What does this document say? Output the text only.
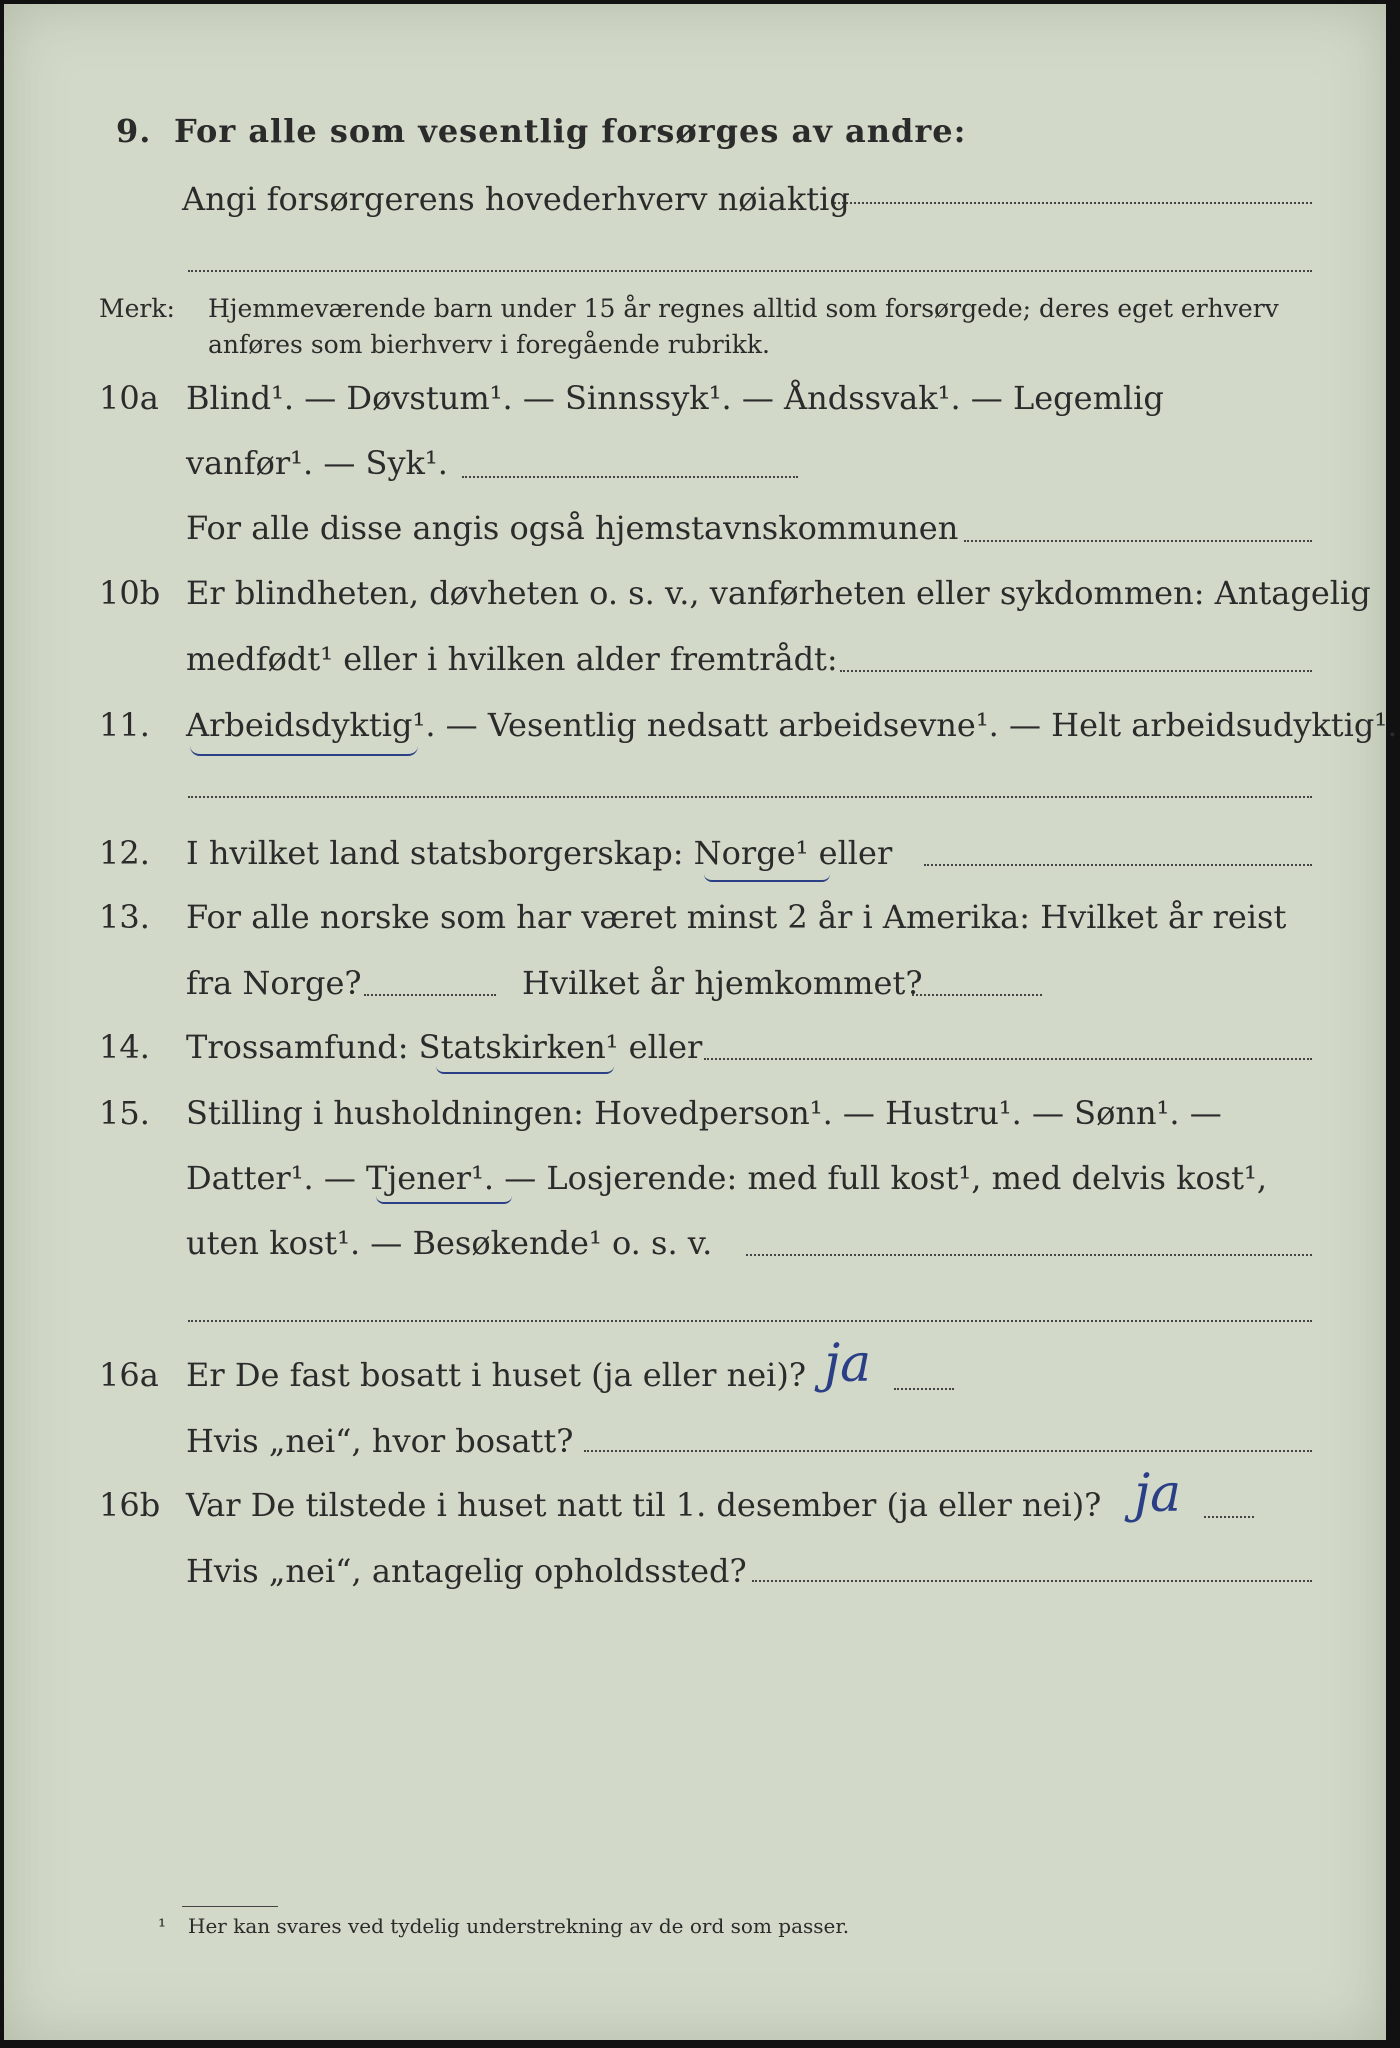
9. For alle som vesentlig forsørges av andre:
Angi forsørgerens hovederhverv nøiaktig
Merk: Hjemmeværende barn under 15 år regnes alltid som forsørgede; deres eget erhverv
anføres som bierhverv i foregående rubrikk.
10a Blind¹. — Døvstum¹. — Sinnssyk¹. — Åndssvak¹. — Legemlig
vanfør¹. — Syk¹.
For alle disse angis også hjemstavnskommunen
10b Er blindheten, døvheten o. s. v., vanførheten eller sykdommen: Antagelig
medfødt¹ eller i hvilken alder fremtrådt:
11. Arbeidsdyktig¹. — Vesentlig nedsatt arbeidsevne¹. — Helt arbeidsudyktig¹.
12. I hvilket land statsborgerskap: Norge¹ eller
13. For alle norske som har været minst 2 år i Amerika: Hvilket år reist
fra Norge?	Hvilket år hjemkommet?
14. Trossamfund: Statskirken¹ eller
15. Stilling i husholdningen: Hovedperson¹. — Hustru¹. — Sønn¹. —
Datter¹. — Tjener¹. — Losjerende: med full kost¹, med delvis kost¹,
uten kost¹. — Besøkende¹ o. s. v.
16a Er De fast bosatt i huset (ja eller nei)? ja
Hvis „nei“, hvor bosatt?
16b Var De tilstede i huset natt til 1. desember (ja eller nei)? ja
Hvis „nei“, antagelig opholdssted?
¹ Her kan svares ved tydelig understrekning av de ord som passer.
